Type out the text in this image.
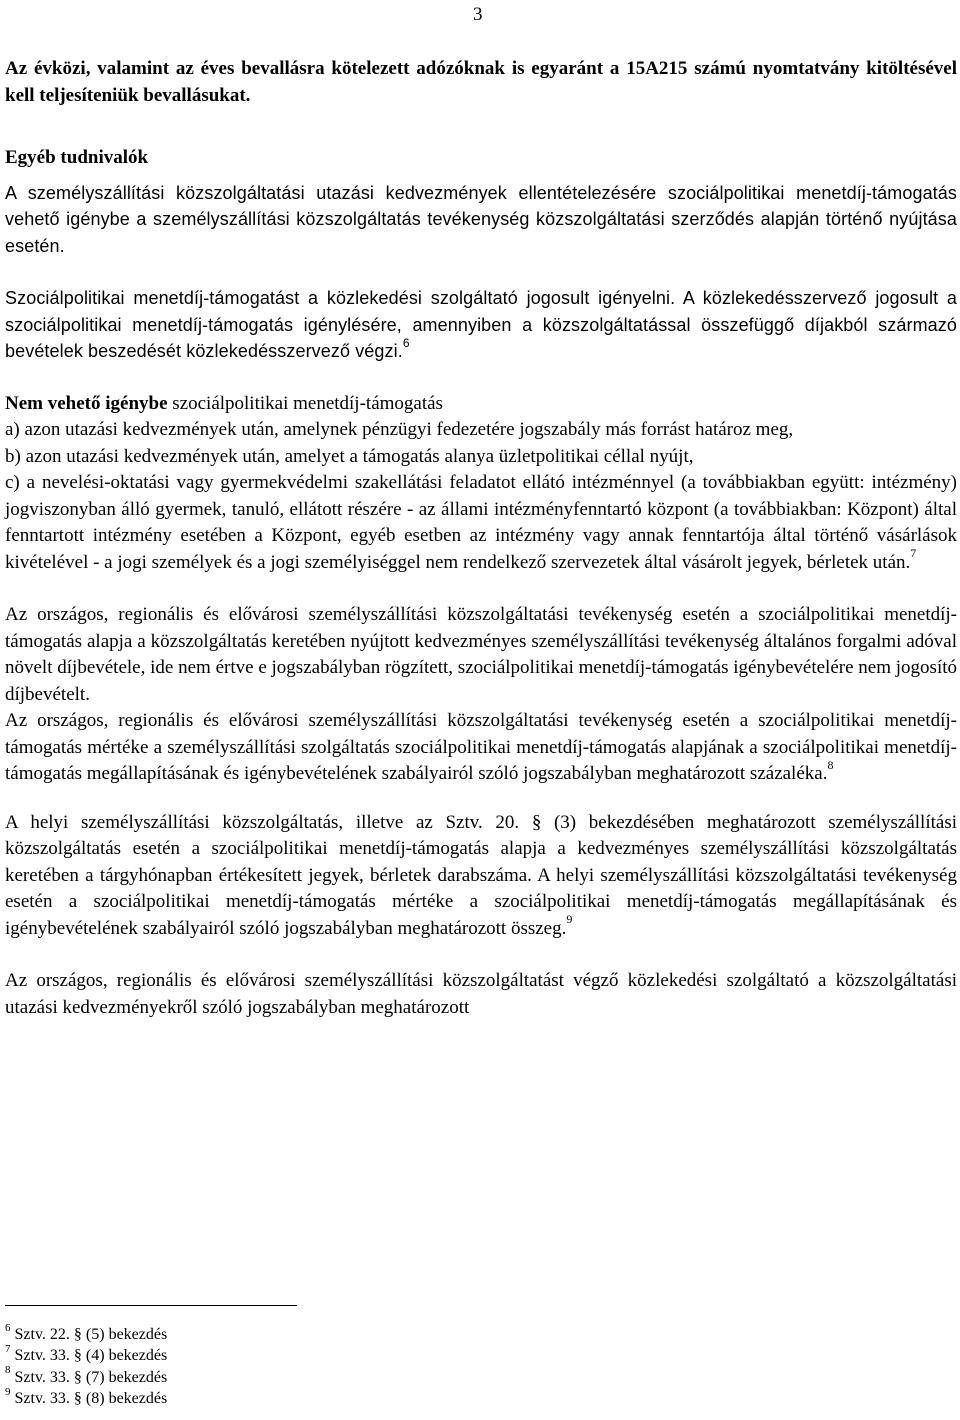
3

Az évközi, valamint az éves bevallásra kötelezett adózóknak is egyaránt a 15A215 számú nyomtatvány kitöltésével kell teljesíteniük bevallásukat.

Egyéb tudnivalók

A személyszállítási közszolgáltatási utazási kedvezmények ellentételezésére szociálpolitikai menetdíj-támogatás vehető igénybe a személyszállítási közszolgáltatás tevékenység közszolgáltatási szerződés alapján történő nyújtása esetén.

Szociálpolitikai menetdíj-támogatást a közlekedési szolgáltató jogosult igényelni. A közlekedésszervező jogosult a szociálpolitikai menetdíj-támogatás igénylésére, amennyiben a közszolgáltatással összefüggő díjakból származó bevételek beszedését közlekedésszervező végzi.$^6$

Nem vehető igénybe szociálpolitikai menetdíj-támogatás

a) azon utazási kedvezmények után, amelynek pénzügyi fedezetére jogszabály más forrást határoz meg,

b) azon utazási kedvezmények után, amelyet a támogatás alanya üzletpolitikai céllal nyújt,

c) a nevelési-oktatási vagy gyermekvédelmi szakellátási feladatot ellátó intézménnyel (a továbbiakban együtt: intézmény) jogviszonyban álló gyermek, tanuló, ellátott részére - az állami intézményfenntartó központ (a továbbiakban: Központ) által fenntartott intézmény esetében a Központ, egyéb esetben az intézmény vagy annak fenntartója által történő vásárlások kivételével - a jogi személyek és a jogi személyiséggel nem rendelkező szervezetek által vásárolt jegyek, bérletek után.$^7$

Az országos, regionális és elővárosi személyszállítási közszolgáltatási tevékenység esetén a szociálpolitikai menetdíj-támogatás alapja a közszolgáltatás keretében nyújtott kedvezményes személyszállítási tevékenység általános forgalmi adóval növelt díjbevétele, ide nem értve e jogszabályban rögzített, szociálpolitikai menetdíj-támogatás igénybevételére nem jogosító díjbevételt.

Az országos, regionális és elővárosi személyszállítási közszolgáltatási tevékenység esetén a szociálpolitikai menetdíj-támogatás mértéke a személyszállítási szolgáltatás szociálpolitikai menetdíj-támogatás alapjának a szociálpolitikai menetdíj-támogatás megállapításának és igénybevételének szabályairól szóló jogszabályban meghatározott százaléka.$^8$

A helyi személyszállítási közszolgáltatás, illetve az Sztv. 20. § (3) bekezdésében meghatározott személyszállítási közszolgáltatás esetén a szociálpolitikai menetdíj-támogatás alapja a kedvezményes személyszállítási közszolgáltatás keretében a tárgyhónapban értékesített jegyek, bérletek darabszáma. A helyi személyszállítási közszolgáltatási tevékenység esetén a szociálpolitikai menetdíj-támogatás mértéke a szociálpolitikai menetdíj-támogatás megállapításának és igénybevételének szabályairól szóló jogszabályban meghatározott összeg.$^9$

Az országos, regionális és elővárosi személyszállítási közszolgáltatást végző közlekedési szolgáltató a közszolgáltatási utazási kedvezményekről szóló jogszabályban meghatározott

$^6$ Sztv. 22. § (5) bekezdés
$^7$ Sztv. 33. § (4) bekezdés
$^8$ Sztv. 33. § (7) bekezdés
$^9$ Sztv. 33. § (8) bekezdés
